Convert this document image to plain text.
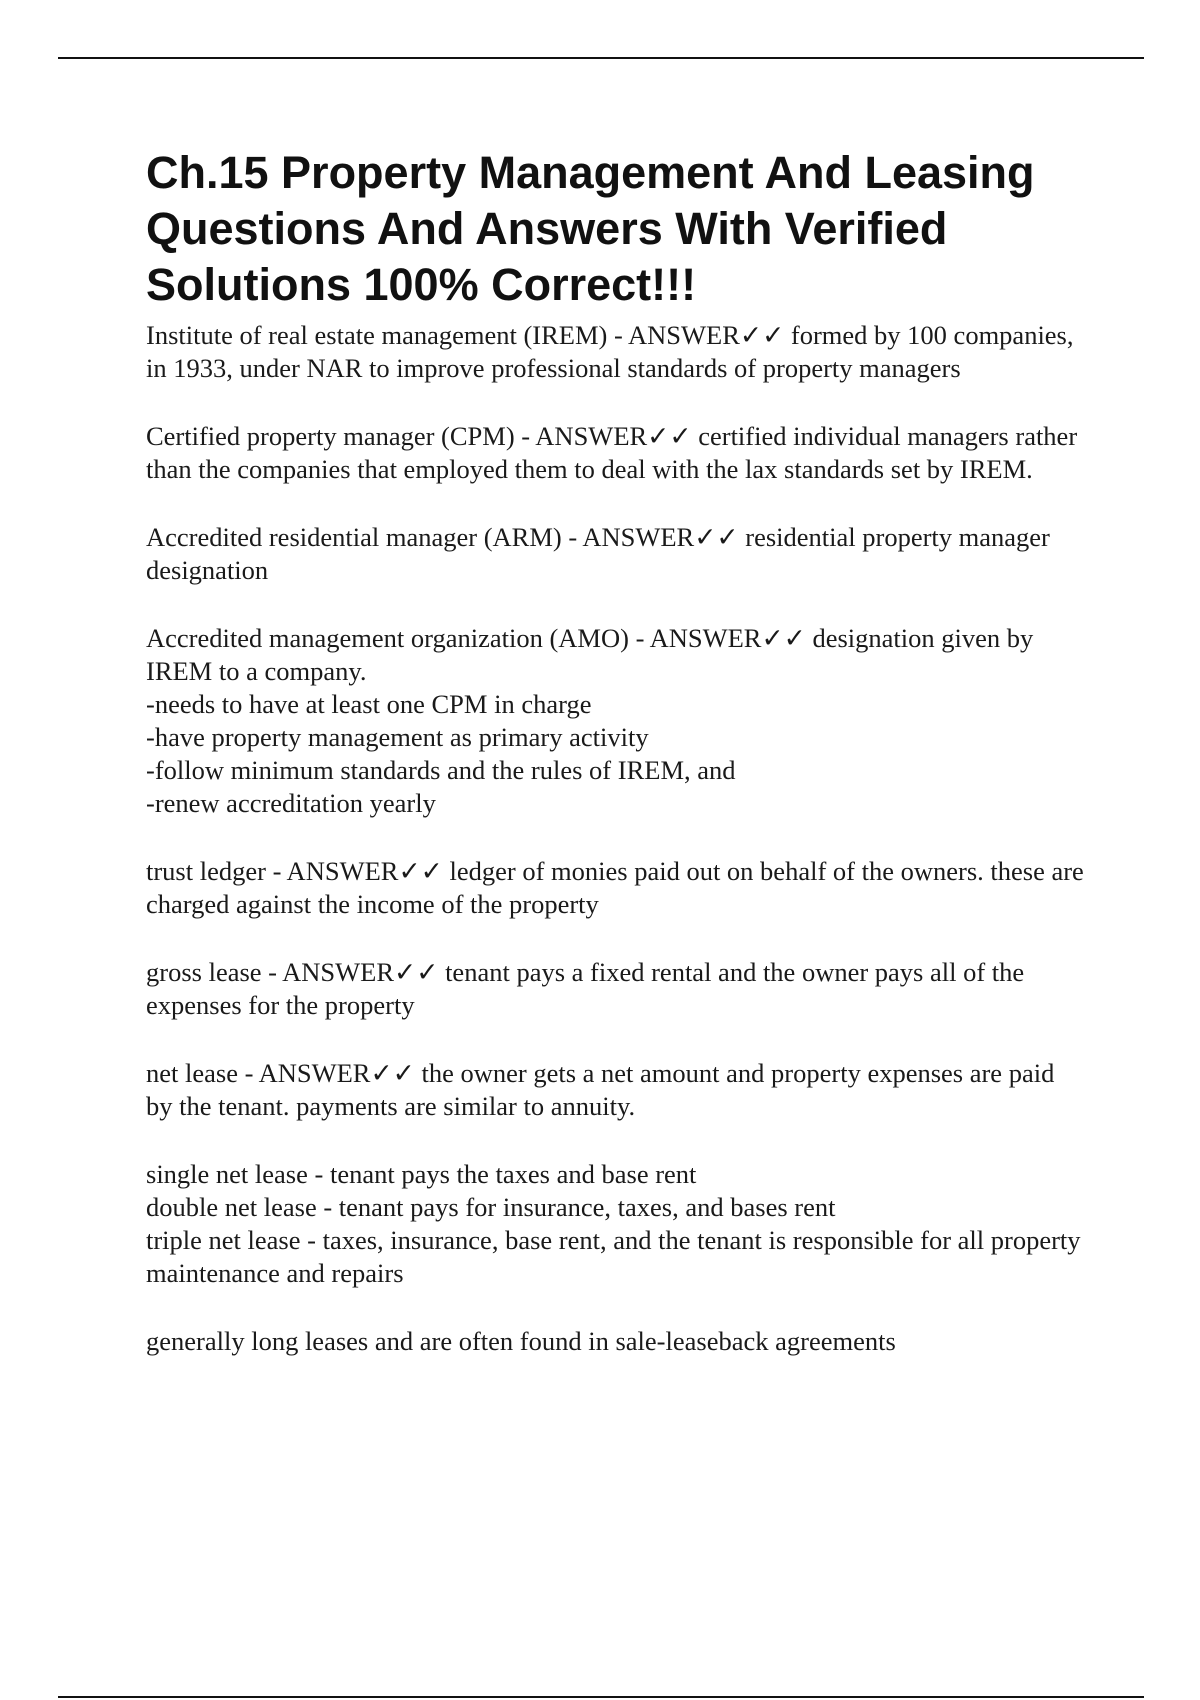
Ch.15 Property Management And Leasing Questions And Answers With Verified Solutions 100% Correct!!!

Institute of real estate management (IREM) - ANSWER✓✓ formed by 100 companies, in 1933, under NAR to improve professional standards of property managers

Certified property manager (CPM) - ANSWER✓✓ certified individual managers rather than the companies that employed them to deal with the lax standards set by IREM.

Accredited residential manager (ARM) - ANSWER✓✓ residential property manager designation

Accredited management organization (AMO) - ANSWER✓✓ designation given by IREM to a company.
-needs to have at least one CPM in charge
-have property management as primary activity
-follow minimum standards and the rules of IREM, and
-renew accreditation yearly

trust ledger - ANSWER✓✓ ledger of monies paid out on behalf of the owners. these are charged against the income of the property

gross lease - ANSWER✓✓ tenant pays a fixed rental and the owner pays all of the expenses for the property

net lease - ANSWER✓✓ the owner gets a net amount and property expenses are paid by the tenant. payments are similar to annuity.

single net lease - tenant pays the taxes and base rent
double net lease - tenant pays for insurance, taxes, and bases rent
triple net lease - taxes, insurance, base rent, and the tenant is responsible for all property maintenance and repairs

generally long leases and are often found in sale-leaseback agreements
